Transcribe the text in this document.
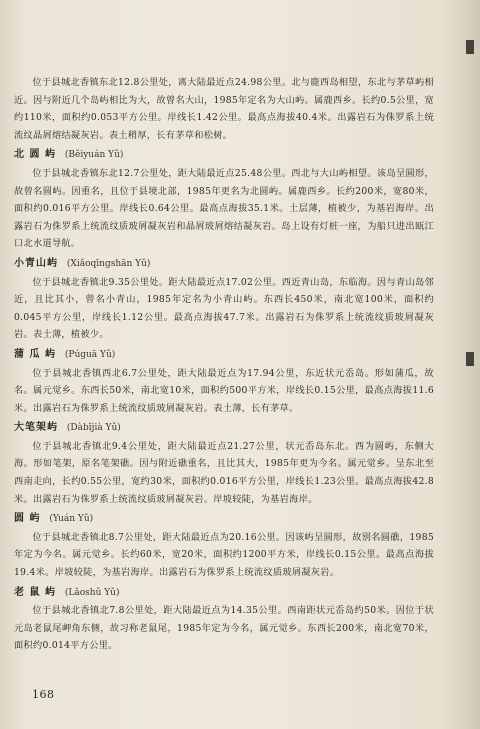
位于县城北香镇东北12.8公里处，离大陆最近点24.98公里。北与鹿西岛相望，东北与茅草屿相近。因与附近几个岛屿相比为大，故曾名大山，1985年定名为大山屿。属鹿西乡。长约0.5公里，宽约110米，面积约0.053平方公里。岸线长1.42公里。最高点海拔40.4米。出露岩石为侏罗系上统流纹晶屑熔结凝灰岩。表土稍厚，长有茅草和松树。

北 圆 屿 (Běiyuán Yǔ)

位于县城北香镇东北12.7公里处，距大陆最近点25.48公里。西北与大山屿相望。该岛呈圆形，故曾名圆屿。因重名，且位于县境北部，1985年更名为北圆屿。属鹿西乡。长约200米，宽80米，面积约0.016平方公里。岸线长0.64公里。最高点海拔35.1米。土层薄，植被少，为基岩海岸。出露岩石为侏罗系上统流纹质玻屑凝灰岩和晶屑玻屑熔结凝灰岩。岛上设有灯桩一座，为船只进出瓯江口北水道导航。

小青山屿 (Xiǎoqīngshān Yǔ)

位于县城北香镇北9.35公里处。距大陆最近点17.02公里。西近青山岛，东临海。因与青山岛邻近，且比其小，曾名小青山，1985年定名为小青山屿。东西长450米，南北宽100米，面积约0.045平方公里，岸线长1.12公里。最高点海拔47.7米。出露岩石为侏罗系上统流纹质玻屑凝灰岩。表土薄，植被少。

蒲 瓜 屿 (Púguā Yǔ)

位于县城北香镇西北6.7公里处，距大陆最近点为17.94公里，东近状元岙岛。形如蒲瓜，故名。属元觉乡。东西长50米，南北宽10米，面积约500平方米，岸线长0.15公里，最高点海拔11.6米。出露岩石为侏罗系上统流纹质玻屑凝灰岩。表土薄，长有茅草。

大笔架屿 (Dàbǐjià Yǔ)

位于县城北香镇北9.4公里处，距大陆最近点21.27公里，状元岙岛东北。西为圆屿，东侧大海。形如笔架，原名笔架礁。因与附近礁重名，且比其大，1985年更为今名。属元觉乡。呈东北至西南走向，长约0.55公里，宽约30米，面积约0.016平方公里，岸线长1.23公里。最高点海拔42.8米。出露岩石为侏罗系上统流纹质玻屑凝灰岩。岸坡较陡，为基岩海岸。

圆 屿 (Yuán Yǔ)

位于县城北香镇北8.7公里处，距大陆最近点为20.16公里。因该屿呈圆形，故别名圆礁，1985年定为今名。属元觉乡。长约60米，宽20米，面积约1200平方米，岸线长0.15公里。最高点海拔19.4米。岸坡较陡，为基岩海岸。出露岩石为侏罗系上统流纹质玻屑凝灰岩。

老 鼠 屿 (Lǎoshǔ Yǔ)

位于县城北香镇北7.8公里处，距大陆最近点为14.35公里。西南距状元岙岛约50米。因位于状元岛老鼠尾岬角东侧，故习称老鼠尾，1985年定为今名，属元觉乡。东西长200米，南北宽70米，面积约0.014平方公里。

168
